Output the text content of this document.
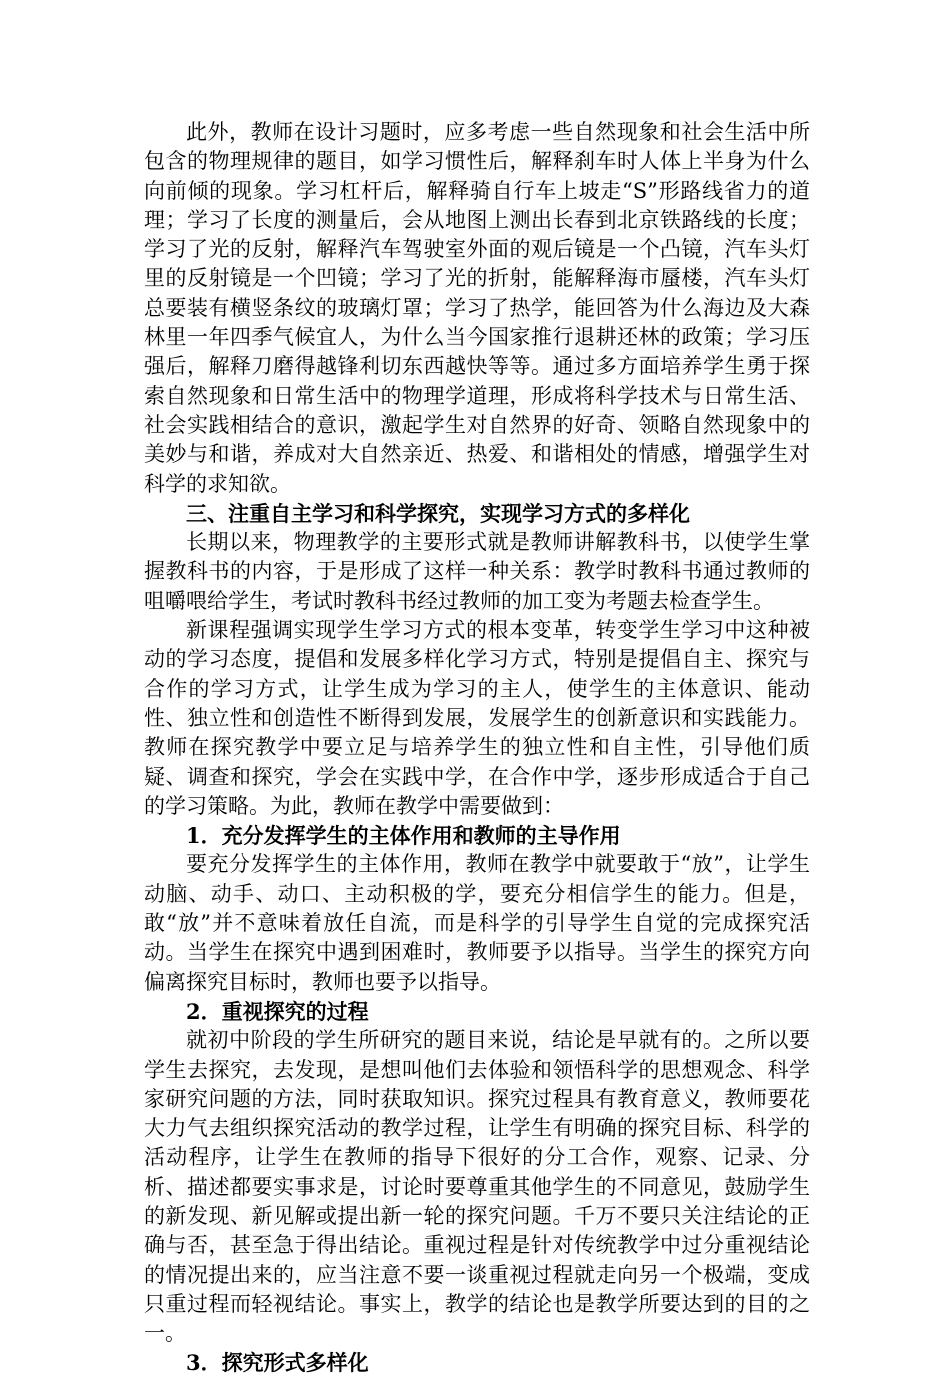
此外，教师在设计习题时，应多考虑一些自然现象和社会生活中所包含的物理规律的题目，如学习惯性后，解释刹车时人体上半身为什么向前倾的现象。学习杠杆后，解释骑自行车上坡走“S”形路线省力的道理；学习了长度的测量后，会从地图上测出长春到北京铁路线的长度；学习了光的反射，解释汽车驾驶室外面的观后镜是一个凸镜，汽车头灯里的反射镜是一个凹镜；学习了光的折射，能解释海市蜃楼，汽车头灯总要装有横竖条纹的玻璃灯罩；学习了热学，能回答为什么海边及大森林里一年四季气候宜人，为什么当今国家推行退耕还林的政策；学习压强后，解释刀磨得越锋利切东西越快等等。通过多方面培养学生勇于探索自然现象和日常生活中的物理学道理，形成将科学技术与日常生活、社会实践相结合的意识，激起学生对自然界的好奇、领略自然现象中的美妙与和谐，养成对大自然亲近、热爱、和谐相处的情感，增强学生对科学的求知欲。

三、注重自主学习和科学探究，实现学习方式的多样化

长期以来，物理教学的主要形式就是教师讲解教科书，以使学生掌握教科书的内容，于是形成了这样一种关系：教学时教科书通过教师的咀嚼喂给学生，考试时教科书经过教师的加工变为考题去检查学生。

新课程强调实现学生学习方式的根本变革，转变学生学习中这种被动的学习态度，提倡和发展多样化学习方式，特别是提倡自主、探究与合作的学习方式，让学生成为学习的主人，使学生的主体意识、能动性、独立性和创造性不断得到发展，发展学生的创新意识和实践能力。教师在探究教学中要立足与培养学生的独立性和自主性，引导他们质疑、调查和探究，学会在实践中学，在合作中学，逐步形成适合于自己的学习策略。为此，教师在教学中需要做到：

1．充分发挥学生的主体作用和教师的主导作用

要充分发挥学生的主体作用，教师在教学中就要敢于“放”，让学生动脑、动手、动口、主动积极的学，要充分相信学生的能力。但是，敢“放”并不意味着放任自流，而是科学的引导学生自觉的完成探究活动。当学生在探究中遇到困难时，教师要予以指导。当学生的探究方向偏离探究目标时，教师也要予以指导。

2．重视探究的过程

就初中阶段的学生所研究的题目来说，结论是早就有的。之所以要学生去探究，去发现，是想叫他们去体验和领悟科学的思想观念、科学家研究问题的方法，同时获取知识。探究过程具有教育意义，教师要花大力气去组织探究活动的教学过程，让学生有明确的探究目标、科学的活动程序，让学生在教师的指导下很好的分工合作，观察、记录、分析、描述都要实事求是，讨论时要尊重其他学生的不同意见，鼓励学生的新发现、新见解或提出新一轮的探究问题。千万不要只关注结论的正确与否，甚至急于得出结论。重视过程是针对传统教学中过分重视结论的情况提出来的，应当注意不要一谈重视过程就走向另一个极端，变成只重过程而轻视结论。事实上，教学的结论也是教学所要达到的目的之一。

3．探究形式多样化
